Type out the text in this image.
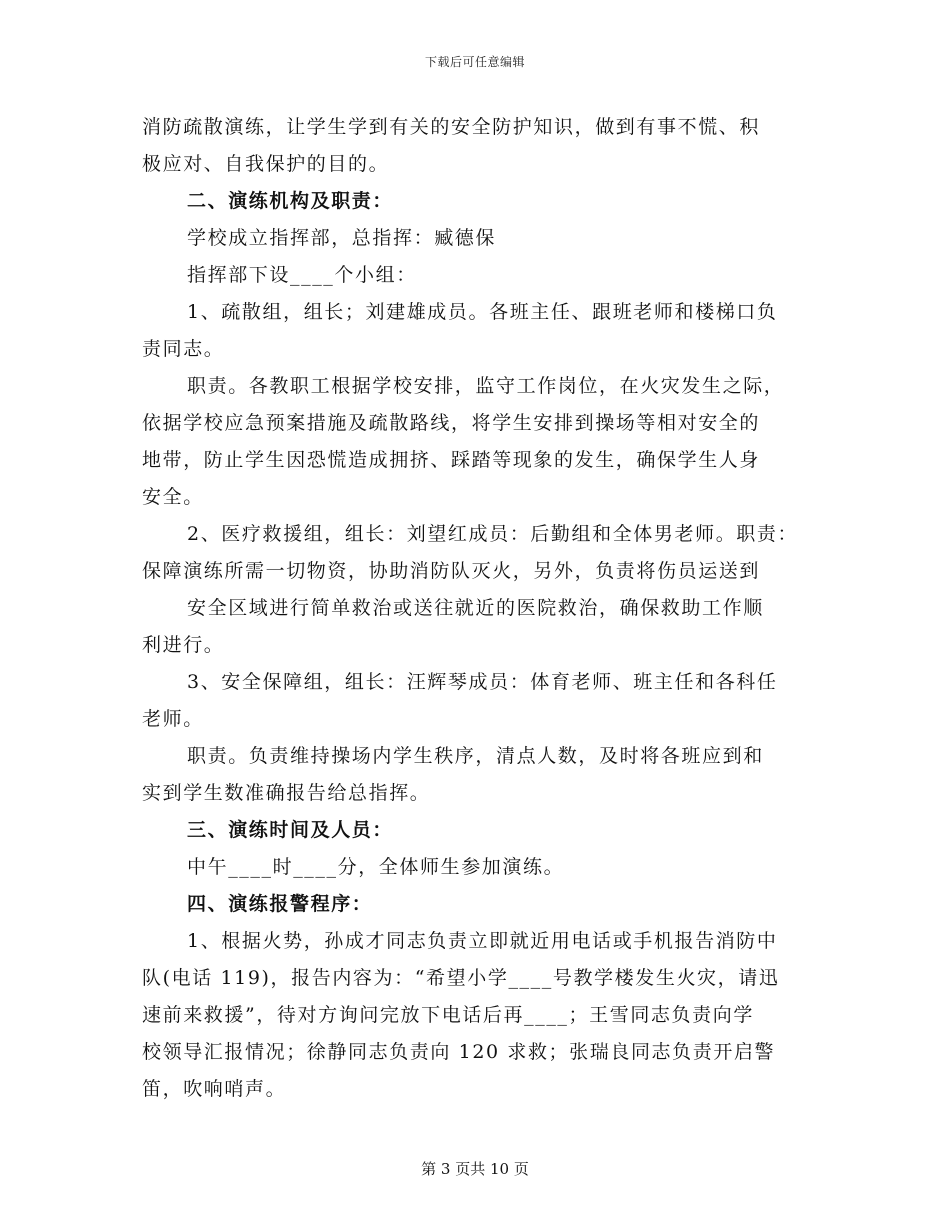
下载后可任意编辑
消防疏散演练，让学生学到有关的安全防护知识，做到有事不慌、积
极应对、自我保护的目的。
二、演练机构及职责：
学校成立指挥部，总指挥：臧德保
指挥部下设____个小组：
1、疏散组，组长；刘建雄成员。各班主任、跟班老师和楼梯口负
责同志。
职责。各教职工根据学校安排，监守工作岗位，在火灾发生之际，
依据学校应急预案措施及疏散路线，将学生安排到操场等相对安全的
地带，防止学生因恐慌造成拥挤、踩踏等现象的发生，确保学生人身
安全。
2、医疗救援组，组长：刘望红成员：后勤组和全体男老师。职责：
保障演练所需一切物资，协助消防队灭火，另外，负责将伤员运送到
安全区域进行简单救治或送往就近的医院救治，确保救助工作顺
利进行。
3、安全保障组，组长：汪辉琴成员：体育老师、班主任和各科任
老师。
职责。负责维持操场内学生秩序，清点人数，及时将各班应到和
实到学生数准确报告给总指挥。
三、演练时间及人员：
中午____时____分，全体师生参加演练。
四、演练报警程序：
1、根据火势，孙成才同志负责立即就近用电话或手机报告消防中
队(电话 119)，报告内容为：“希望小学____号教学楼发生火灾，请迅
速前来救援”，待对方询问完放下电话后再____；王雪同志负责向学
校领导汇报情况；徐静同志负责向 120 求救；张瑞良同志负责开启警
笛，吹响哨声。
第 3 页共 10 页
